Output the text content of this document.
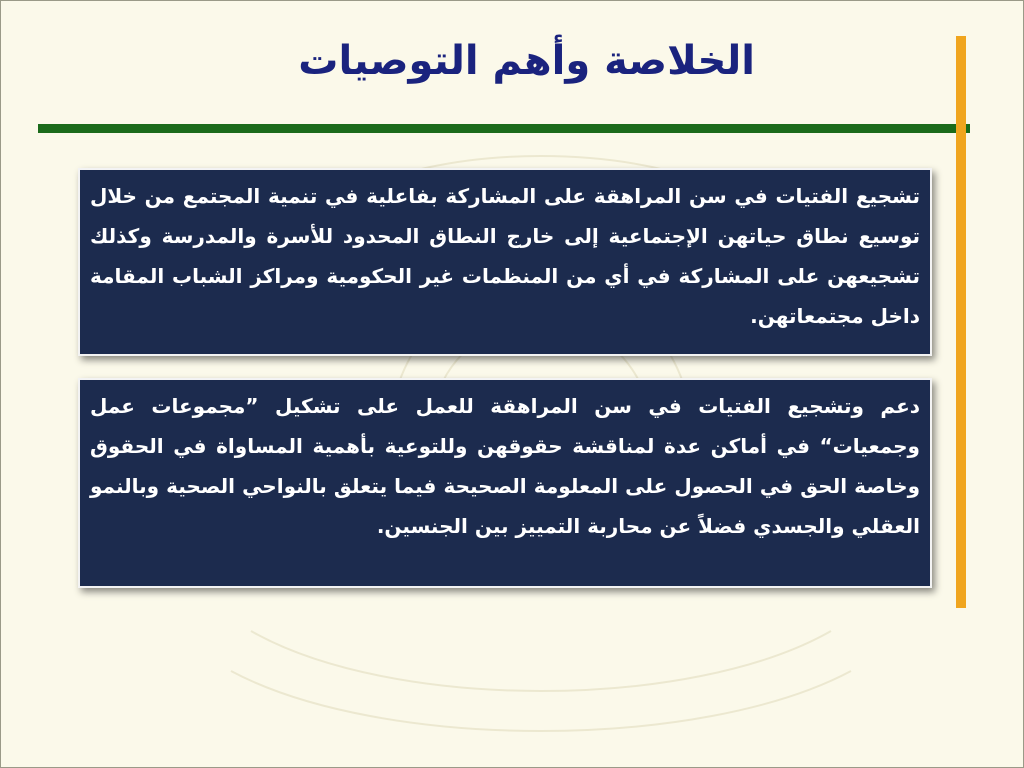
الخلاصة وأهم التوصيات
تشجيع الفتيات في سن المراهقة على المشاركة بفاعلية في تنمية المجتمع من خلال توسيع نطاق حياتهن الإجتماعية إلى خارج النطاق المحدود للأسرة والمدرسة وكذلك تشجيعهن على المشاركة في أي من المنظمات غير الحكومية ومراكز الشباب المقامة داخل مجتمعاتهن.
دعم وتشجيع الفتيات في سن المراهقة للعمل على تشكيل ”مجموعات عمل وجمعيات“ في أماكن عدة لمناقشة حقوقهن وللتوعية بأهمية المساواة في الحقوق وخاصة الحق في الحصول على المعلومة الصحيحة فيما يتعلق بالنواحي الصحية وبالنمو العقلي والجسدي فضلاً عن محاربة التمييز بين الجنسين.
